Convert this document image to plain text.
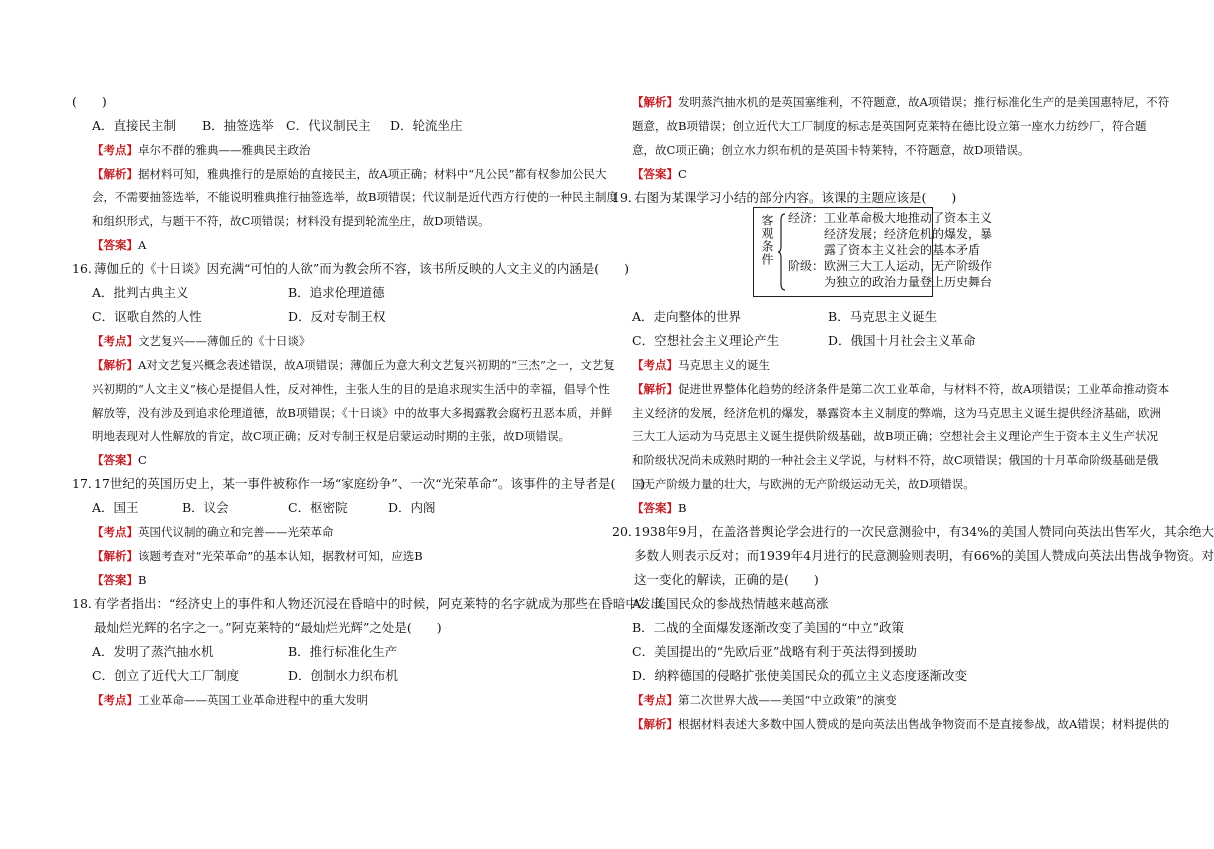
(　　)
A．直接民主制 B．抽签选举 C．代议制民主 D．轮流坐庄
【考点】卓尔不群的雅典——雅典民主政治
【解析】据材料可知，雅典推行的是原始的直接民主，故A项正确；材料中“凡公民”都有权参加公民大
会，不需要抽签选举，不能说明雅典推行抽签选举，故B项错误；代议制是近代西方行使的一种民主制度
和组织形式，与题干不符，故C项错误；材料没有提到轮流坐庄，故D项错误。
【答案】A
16. 薄伽丘的《十日谈》因充满“可怕的人欲”而为教会所不容，该书所反映的人文主义的内涵是(　　)
A．批判古典主义	B．追求伦理道德
C．讴歌自然的人性	D．反对专制王权
【考点】文艺复兴——薄伽丘的《十日谈》
【解析】A对文艺复兴概念表述错误，故A项错误；薄伽丘为意大利文艺复兴初期的“三杰”之一，文艺复
兴初期的“人文主义”核心是提倡人性，反对神性，主张人生的目的是追求现实生活中的幸福，倡导个性
解放等，没有涉及到追求伦理道德，故B项错误；《十日谈》中的故事大多揭露教会腐朽丑恶本质，并鲜
明地表现对人性解放的肯定，故C项正确；反对专制王权是启蒙运动时期的主张，故D项错误。
【答案】C
17．17世纪的英国历史上，某一事件被称作一场“家庭纷争”、一次“光荣革命”。该事件的主导者是(　　)
A．国王	B．议会	C．枢密院	D．内阁
【考点】英国代议制的确立和完善——光荣革命
【解析】该题考查对“光荣革命”的基本认知，据教材可知，应选B
【答案】B
18．有学者指出：“经济史上的事件和人物还沉浸在昏暗中的时候，阿克莱特的名字就成为那些在昏暗中发出
最灿烂光辉的名字之一。”阿克莱特的“最灿烂光辉”之处是(　　)
A．发明了蒸汽抽水机	B．推行标准化生产
C．创立了近代大工厂制度	D．创制水力织布机
【考点】工业革命——英国工业革命进程中的重大发明
【解析】发明蒸汽抽水机的是英国塞维利，不符题意，故A项错误；推行标准化生产的是美国惠特尼，不符
题意，故B项错误；创立近代大工厂制度的标志是英国阿克莱特在德比设立第一座水力纺纱厂，符合题
意，故C项正确；创立水力织布机的是英国卡特莱特，不符题意，故D项错误。
【答案】C
19．右图为某课学习小结的部分内容。该课的主题应该是(　　)
客观条件 经济：工业革命极大地推动了资本主义
　　　经济发展；经济危机的爆发，暴
　　　露了资本主义社会的基本矛盾
阶级：欧洲三大工人运动，无产阶级作
　　　为独立的政治力量登上历史舞台
A．走向整体的世界	B．马克思主义诞生
C．空想社会主义理论产生	D．俄国十月社会主义革命
【考点】马克思主义的诞生
【解析】促进世界整体化趋势的经济条件是第二次工业革命，与材料不符，故A项错误；工业革命推动资本
主义经济的发展，经济危机的爆发，暴露资本主义制度的弊端，这为马克思主义诞生提供经济基础，欧洲
三大工人运动为马克思主义诞生提供阶级基础，故B项正确；空想社会主义理论产生于资本主义生产状况
和阶级状况尚未成熟时期的一种社会主义学说，与材料不符，故C项错误；俄国的十月革命阶级基础是俄
国无产阶级力量的壮大，与欧洲的无产阶级运动无关，故D项错误。
【答案】B
20．1938年9月，在盖洛普舆论学会进行的一次民意测验中，有34%的美国人赞同向英法出售军火，其余绝大
多数人则表示反对；而1939年4月进行的民意测验则表明，有66%的美国人赞成向英法出售战争物资。对
这一变化的解读，正确的是(　　)
A．美国民众的参战热情越来越高涨
B．二战的全面爆发逐渐改变了美国的“中立”政策
C．美国提出的“先欧后亚”战略有利于英法得到援助
D．纳粹德国的侵略扩张使美国民众的孤立主义态度逐渐改变
【考点】第二次世界大战——美国“中立政策”的演变
【解析】根据材料表述大多数中国人赞成的是向英法出售战争物资而不是直接参战，故A错误；材料提供的
